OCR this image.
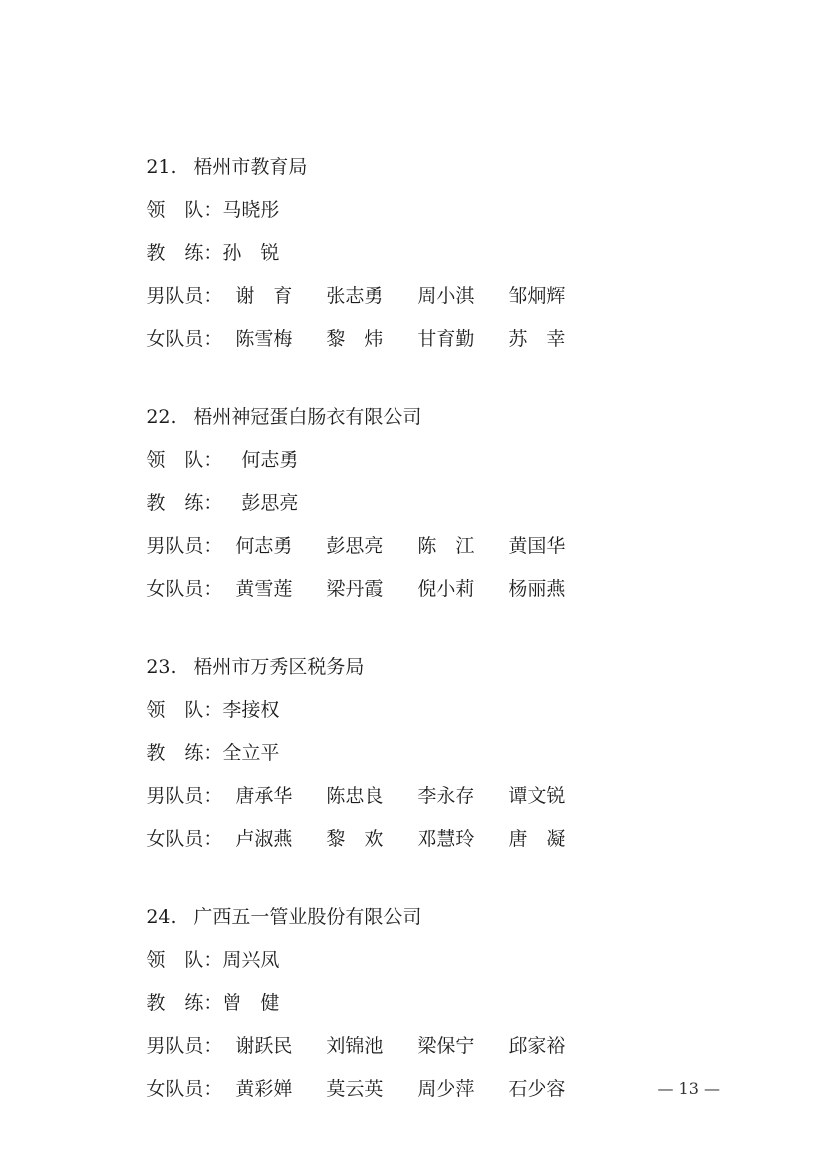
21. 梧州市教育局

领　队：马晓彤

教　练：孙　锐

男队员： 谢　育 张志勇 周小淇 邹炯辉

女队员： 陈雪梅 黎　炜 甘育勤 苏　幸

22. 梧州神冠蛋白肠衣有限公司

领　队：　何志勇

教　练：　彭思亮

男队员： 何志勇 彭思亮 陈　江 黄国华

女队员： 黄雪莲 梁丹霞 倪小莉 杨丽燕

23. 梧州市万秀区税务局

领　队：李接权

教　练：全立平

男队员： 唐承华 陈忠良 李永存 谭文锐

女队员： 卢淑燕 黎　欢 邓慧玲 唐　凝

24. 广西五一管业股份有限公司

领　队：周兴凤

教　练：曾　健

男队员： 谢跃民 刘锦池 梁保宁 邱家裕

女队员： 黄彩婵 莫云英 周少萍 石少容
	— 13 —
